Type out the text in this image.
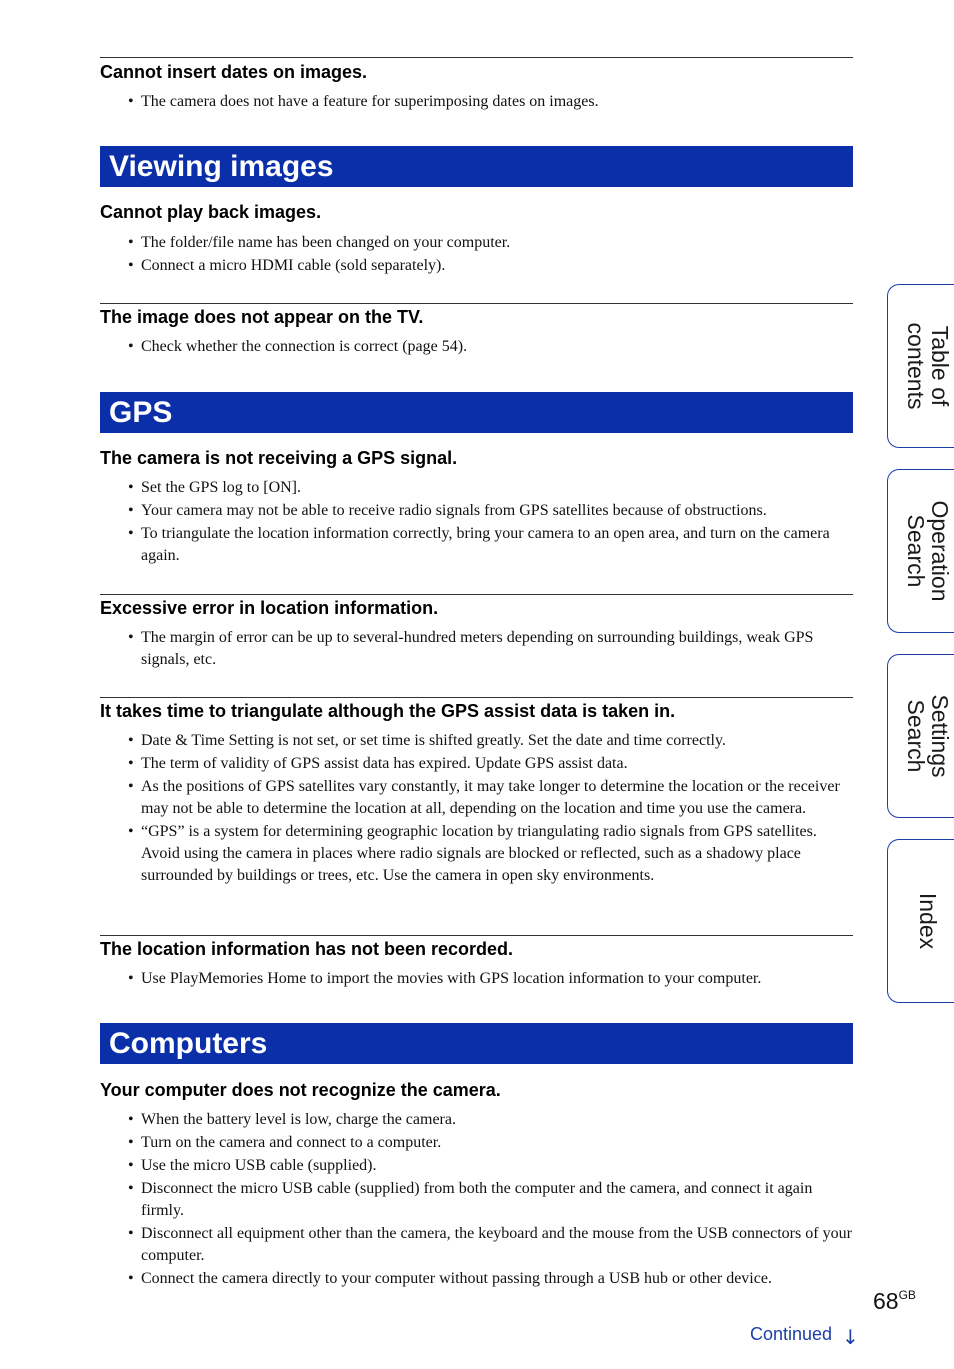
Cannot insert dates on images.
• The camera does not have a feature for superimposing dates on images.
Viewing images
Cannot play back images.
• The folder/file name has been changed on your computer.
• Connect a micro HDMI cable (sold separately).
The image does not appear on the TV.
• Check whether the connection is correct (page 54).
GPS
The camera is not receiving a GPS signal.
• Set the GPS log to [ON].
• Your camera may not be able to receive radio signals from GPS satellites because of obstructions.
• To triangulate the location information correctly, bring your camera to an open area, and turn on the camera again.
Excessive error in location information.
• The margin of error can be up to several-hundred meters depending on surrounding buildings, weak GPS signals, etc.
It takes time to triangulate although the GPS assist data is taken in.
• Date & Time Setting is not set, or set time is shifted greatly. Set the date and time correctly.
• The term of validity of GPS assist data has expired. Update GPS assist data.
• As the positions of GPS satellites vary constantly, it may take longer to determine the location or the receiver may not be able to determine the location at all, depending on the location and time you use the camera.
• “GPS” is a system for determining geographic location by triangulating radio signals from GPS satellites. Avoid using the camera in places where radio signals are blocked or reflected, such as a shadowy place surrounded by buildings or trees, etc. Use the camera in open sky environments.
The location information has not been recorded.
• Use PlayMemories Home to import the movies with GPS location information to your computer.
Computers
Your computer does not recognize the camera.
• When the battery level is low, charge the camera.
• Turn on the camera and connect to a computer.
• Use the micro USB cable (supplied).
• Disconnect the micro USB cable (supplied) from both the computer and the camera, and connect it again firmly.
• Disconnect all equipment other than the camera, the keyboard and the mouse from the USB connectors of your computer.
• Connect the camera directly to your computer without passing through a USB hub or other device.
Table of
contents
Operation
Search
Settings
Search
Index
$68^{GB}$
Continued ↓
